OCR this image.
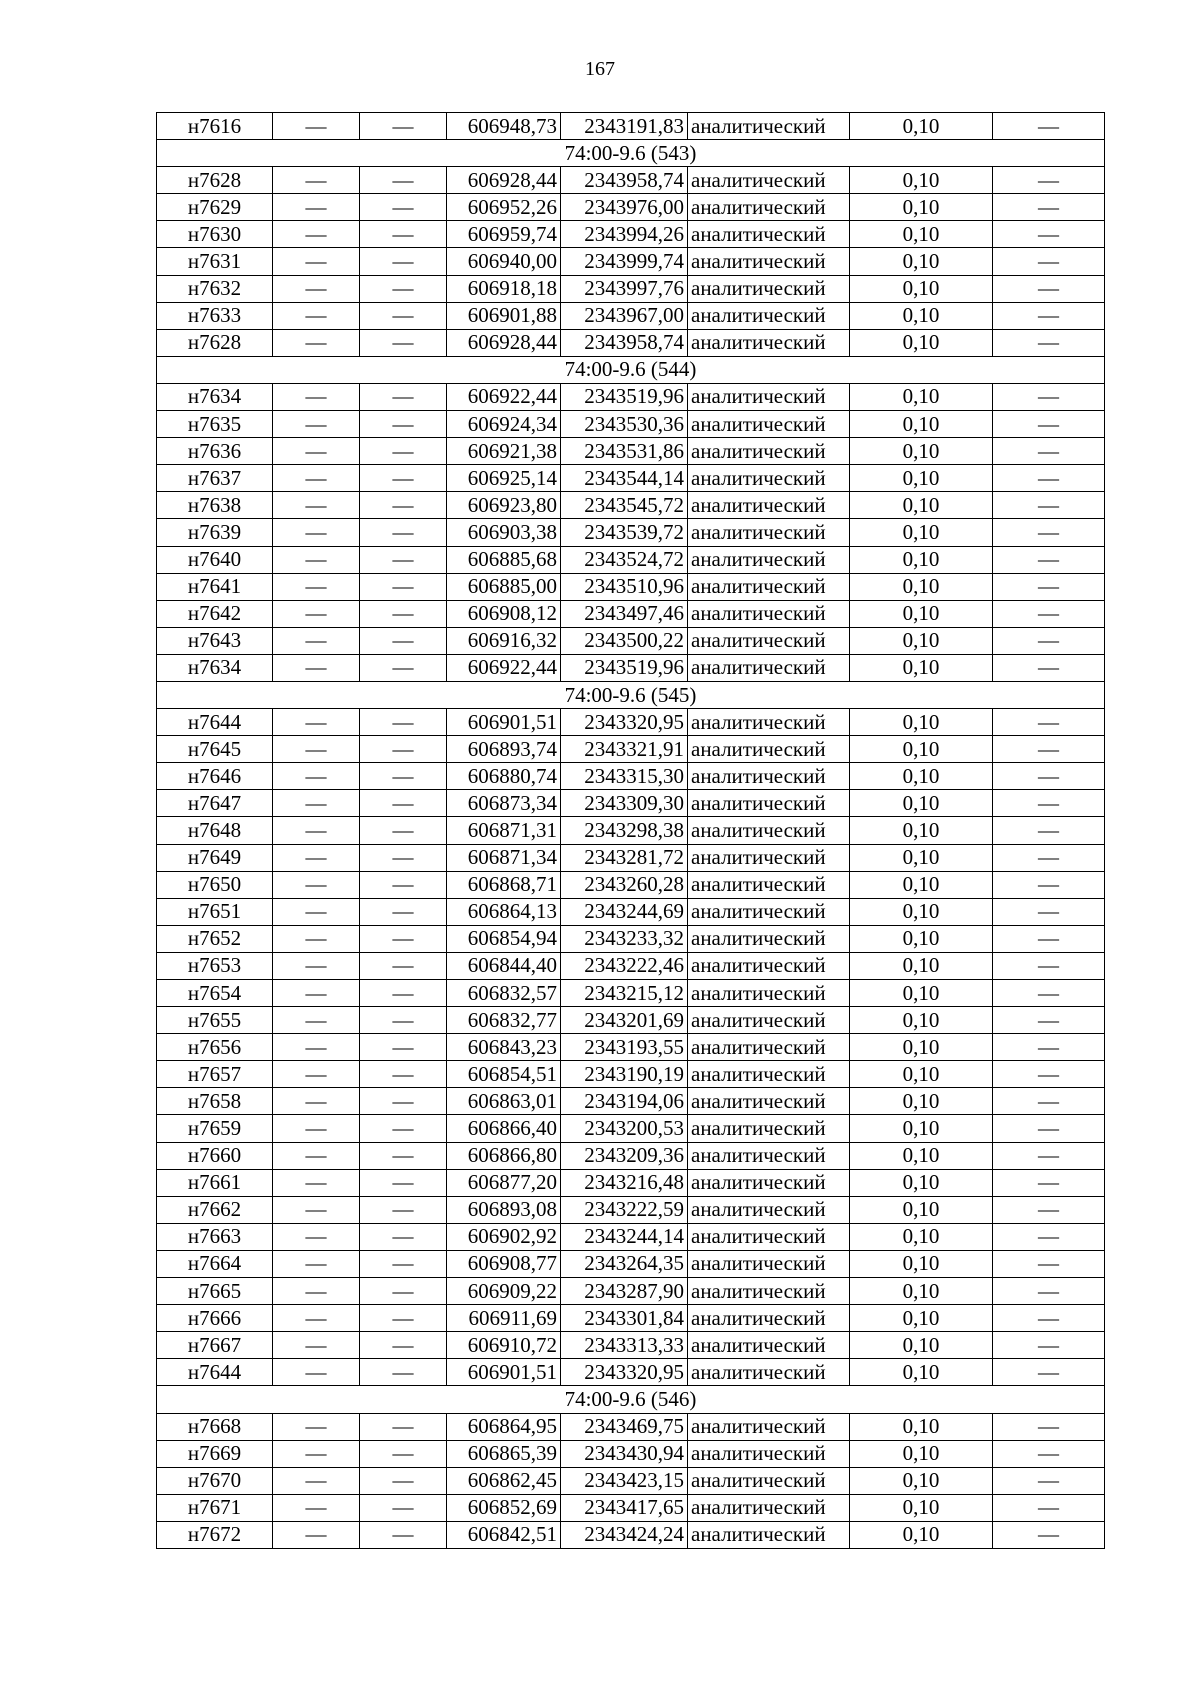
167
н7616	—	—	606948,73	2343191,83	аналитический	0,10	—
74:00-9.6 (543)							
н7628	—	—	606928,44	2343958,74	аналитический	0,10	—
н7629	—	—	606952,26	2343976,00	аналитический	0,10	—
н7630	—	—	606959,74	2343994,26	аналитический	0,10	—
н7631	—	—	606940,00	2343999,74	аналитический	0,10	—
н7632	—	—	606918,18	2343997,76	аналитический	0,10	—
н7633	—	—	606901,88	2343967,00	аналитический	0,10	—
н7628	—	—	606928,44	2343958,74	аналитический	0,10	—
74:00-9.6 (544)							
н7634	—	—	606922,44	2343519,96	аналитический	0,10	—
н7635	—	—	606924,34	2343530,36	аналитический	0,10	—
н7636	—	—	606921,38	2343531,86	аналитический	0,10	—
н7637	—	—	606925,14	2343544,14	аналитический	0,10	—
н7638	—	—	606923,80	2343545,72	аналитический	0,10	—
н7639	—	—	606903,38	2343539,72	аналитический	0,10	—
н7640	—	—	606885,68	2343524,72	аналитический	0,10	—
н7641	—	—	606885,00	2343510,96	аналитический	0,10	—
н7642	—	—	606908,12	2343497,46	аналитический	0,10	—
н7643	—	—	606916,32	2343500,22	аналитический	0,10	—
н7634	—	—	606922,44	2343519,96	аналитический	0,10	—
74:00-9.6 (545)							
н7644	—	—	606901,51	2343320,95	аналитический	0,10	—
н7645	—	—	606893,74	2343321,91	аналитический	0,10	—
н7646	—	—	606880,74	2343315,30	аналитический	0,10	—
н7647	—	—	606873,34	2343309,30	аналитический	0,10	—
н7648	—	—	606871,31	2343298,38	аналитический	0,10	—
н7649	—	—	606871,34	2343281,72	аналитический	0,10	—
н7650	—	—	606868,71	2343260,28	аналитический	0,10	—
н7651	—	—	606864,13	2343244,69	аналитический	0,10	—
н7652	—	—	606854,94	2343233,32	аналитический	0,10	—
н7653	—	—	606844,40	2343222,46	аналитический	0,10	—
н7654	—	—	606832,57	2343215,12	аналитический	0,10	—
н7655	—	—	606832,77	2343201,69	аналитический	0,10	—
н7656	—	—	606843,23	2343193,55	аналитический	0,10	—
н7657	—	—	606854,51	2343190,19	аналитический	0,10	—
н7658	—	—	606863,01	2343194,06	аналитический	0,10	—
н7659	—	—	606866,40	2343200,53	аналитический	0,10	—
н7660	—	—	606866,80	2343209,36	аналитический	0,10	—
н7661	—	—	606877,20	2343216,48	аналитический	0,10	—
н7662	—	—	606893,08	2343222,59	аналитический	0,10	—
н7663	—	—	606902,92	2343244,14	аналитический	0,10	—
н7664	—	—	606908,77	2343264,35	аналитический	0,10	—
н7665	—	—	606909,22	2343287,90	аналитический	0,10	—
н7666	—	—	606911,69	2343301,84	аналитический	0,10	—
н7667	—	—	606910,72	2343313,33	аналитический	0,10	—
н7644	—	—	606901,51	2343320,95	аналитический	0,10	—
74:00-9.6 (546)							
н7668	—	—	606864,95	2343469,75	аналитический	0,10	—
н7669	—	—	606865,39	2343430,94	аналитический	0,10	—
н7670	—	—	606862,45	2343423,15	аналитический	0,10	—
н7671	—	—	606852,69	2343417,65	аналитический	0,10	—
н7672	—	—	606842,51	2343424,24	аналитический	0,10	—
